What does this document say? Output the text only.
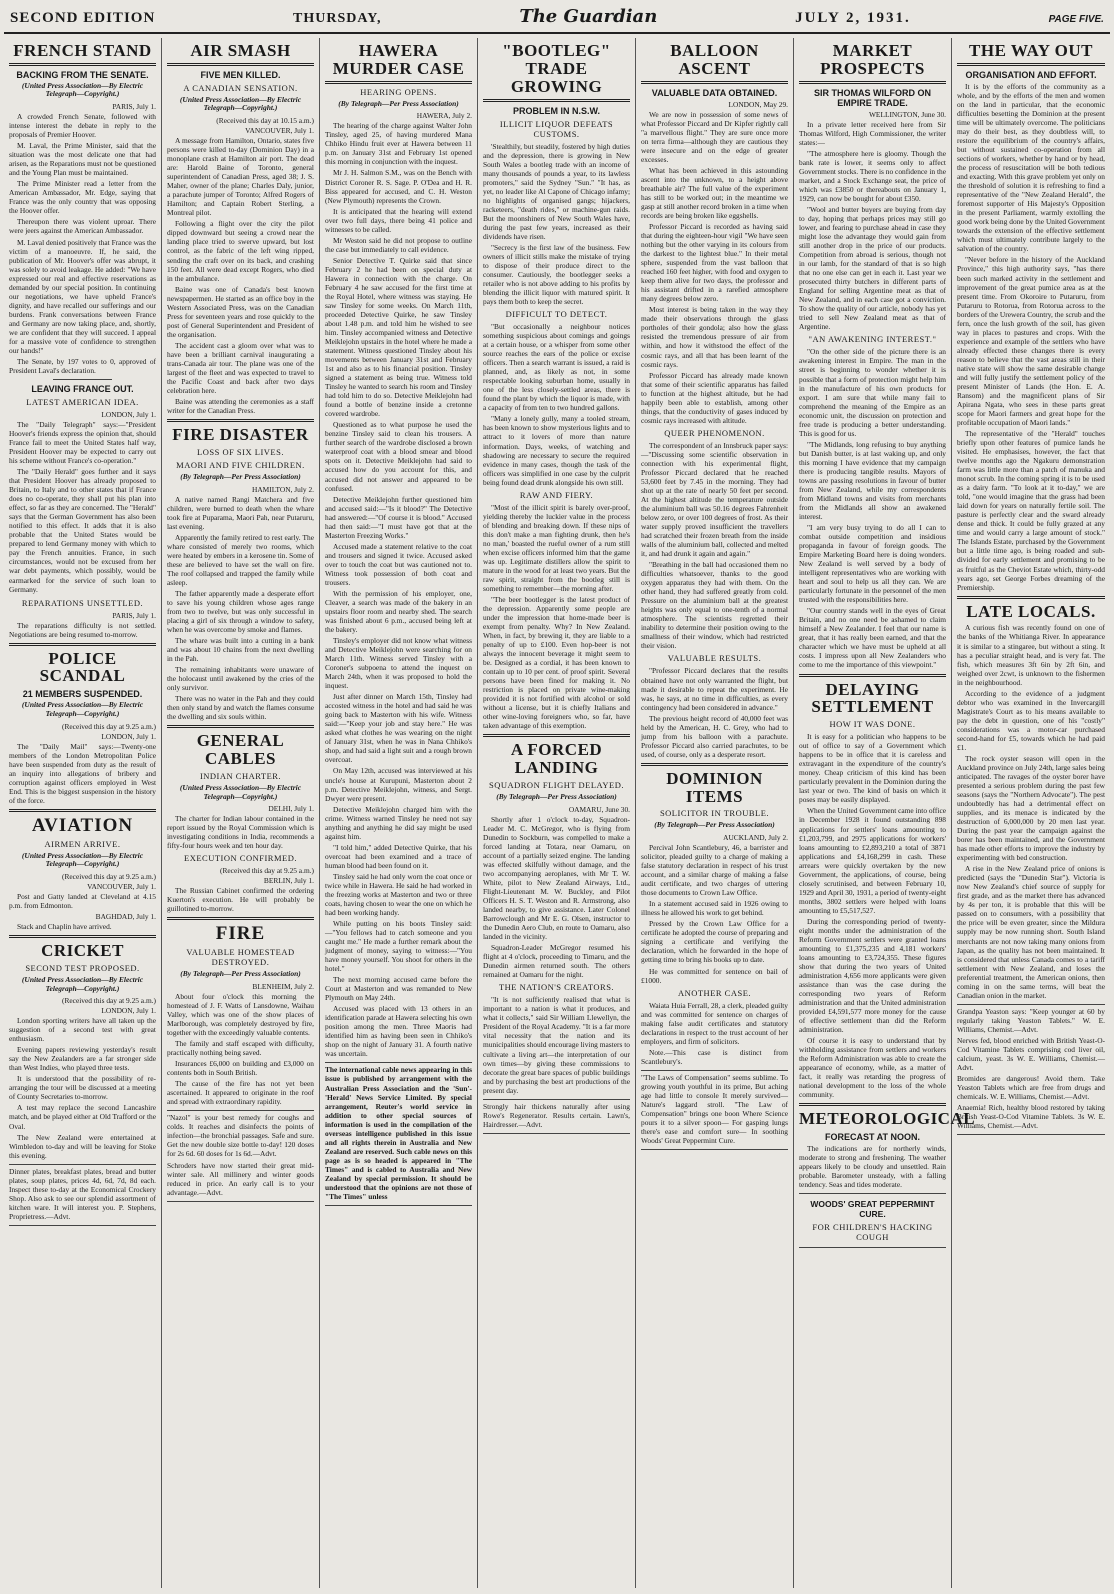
SECOND EDITION	THURSDAY,	The Guardian	JULY 2, 1931.	PAGE FIVE.
FRENCH STAND
BACKING FROM THE SENATE.
(United Press Association—By Electric Telegraph—Copyright.)
PARIS, July 1.

A crowded French Senate, followed with intense interest the debate in reply to the proposals of Premier Hoover.

M. Laval, the Prime Minister, said that the situation was the most delicate one that had arisen, as the Reparations must not be questioned and the Young Plan must be maintained.

The Prime Minister read a letter from the American Ambassador, Mr. Edge, saying that France was the only country that was opposing the Hoover offer.

Thereupon there was violent uproar. There were jeers against the American Ambassador.

M. Laval denied positively that France was the victim of a manoeuvre. If, he said, the publication of Mr. Hoover's offer was abrupt, it was solely to avoid leakage. He added: "We have expressed our real and effective reservations as demanded by our special position. In continuing our negotiations, we have upheld France's dignity, and have recalled our sufferings and our burdens. Frank conversations between France and Germany are now taking place, and, shortly, we are confident that they will succeed. I appeal for a massive vote of confidence to strengthen our hands!"

The Senate, by 197 votes to 0, approved of President Laval's declaration.

LEAVING FRANCE OUT.
LATEST AMERICAN IDEA.
LONDON, July 1.

The "Daily Telegraph" says:—"President Hoover's friends express the opinion that, should France fail to meet the United States half way, President Hoover may be expected to carry out his scheme without France's co-operation."

The "Daily Herald" goes further and it says that President Hoover has already proposed to Britain, to Italy and to other states that if France does no co-operate, they shall put his plan into effect, so far as they are concerned. The "Herald" says that the German Government has also been notified to this effect. It adds that it is also probable that the United States would be prepared to lend Germany money with which to pay the French annuities. France, in such circumstances, would not be excused from her war debt payments, which possibly, would be earmarked for the service of such loan to Germany.

REPARATIONS UNSETTLED.
PARIS, July 1.

The reparations difficulty is not settled. Negotiations are being resumed to-morrow.

POLICE SCANDAL
21 MEMBERS SUSPENDED.
(United Press Association—By Electric Telegraph—Copyright.)
(Received this day at 9.25 a.m.)
LONDON, July 1.

The "Daily Mail" says:—Twenty-one members of the London Metropolitan Police have been suspended from duty as the result of an inquiry into allegations of bribery and corruption against officers employed in West End. This is the biggest suspension in the history of the force.

AVIATION
AIRMEN ARRIVE.
(United Press Association—By Electric Telegraph—Copyright.)
(Received this day at 9.25 a.m.)
VANCOUVER, July 1.

Post and Gatty landed at Cleveland at 4.15 p.m. from Edmonton.

BAGHDAD, July 1.

Stack and Chaplin have arrived.

CRICKET
SECOND TEST PROPOSED.
(United Press Association—By Electric Telegraph—Copyright.)
(Received this day at 9.25 a.m.)
LONDON, July 1.

London sporting writers have all taken up the suggestion of a second test with great enthusiasm.

Evening papers reviewing yesterday's result say the New Zealanders are a far stronger side than West Indies, who played three tests.

It is understood that the possibility of re-arranging the tour will be discussed at a meeting of County Secretaries to-morrow.

A test may replace the second Lancashire match, and be played either at Old Trafford or the Oval.

The New Zealand were entertained at Wimbledon to-day and will be leaving for Stoke this evening.

Dinner plates, breakfast plates, bread and butter plates, soup plates, prices 4d, 6d, 7d, 8d each. Inspect these to-day at the Economical Crockery Shop. Also ask to see our splendid assortment of kitchen ware. It will interest you. P. Stephens, Proprietress.—Advt.

AIR SMASH
FIVE MEN KILLED.
A CANADIAN SENSATION.
(United Press Association—By Electric Telegraph—Copyright.)
(Received this day at 10.15 a.m.)
VANCOUVER, July 1.

A message from Hamilton, Ontario, states five persons were killed to-day (Dominion Day) in a monoplane crash at Hamilton air port. The dead are: Harold Baine of Toronto, general superintendent of Canadian Press, aged 38; J. S. Maher, owner of the plane; Charles Daly, junior, a parachute jumper of Toronto; Alfred Rogers of Hamilton; and Captain Robert Sterling, a Montreal pilot.

Following a flight over the city the pilot dipped downward but seeing a crowd near the landing place tried to swerve upward, but lost control, as the fabric of the left wing ripped, sending the craft over on its back, and crashing 150 feet. All were dead except Rogers, who died in the ambulance.

Baine was one of Canada's best known newspapermen. He started as an office boy in the Western Associated Press, was on the Canadian Press for seventeen years and rose quickly to the post of General Superintendent and President of the organisation.

The accident cast a gloom over what was to have been a brilliant carnival inaugurating a trans-Canada air tour. The plane was one of the largest of the fleet and was expected to travel to the Pacific Coast and back after two days celebration here.

Baine was attending the ceremonies as a staff writer for the Canadian Press.

FIRE DISASTER
LOSS OF SIX LIVES.
MAORI AND FIVE CHILDREN.
(By Telegraph—Per Press Association)
HAMILTON, July 2.

A native named Rangi Matchera and five children, were burned to death when the whare took fire at Puparama, Maori Pah, near Putaruru, last evening.

Apparently the family retired to rest early. The whare consisted of merely two rooms, which were heated by embers in a kerosene tin. Some of these are believed to have set the wall on fire. The roof collapsed and trapped the family while asleep.

The father apparently made a desperate effort to save his young children whose ages range from two to twelve, but was only successful in placing a girl of six through a window to safety, when he was overcome by smoke and flames.

The whare was built into a cutting in a bank and was about 10 chains from the next dwelling in the Pah.

The remaining inhabitants were unaware of the holocaust until awakened by the cries of the only survivor.

There was no water in the Pah and they could then only stand by and watch the flames consume the dwelling and six souls within.

GENERAL CABLES
INDIAN CHARTER.
(United Press Association—By Electric Telegraph—Copyright.)
DELHI, July 1.

The charter for Indian labour contained in the report issued by the Royal Commission which is investigating conditions in India, recommends a fifty-four hours week and ten hour day.

EXECUTION CONFIRMED.
(Received this day at 9.25 a.m.)
BERLIN, July 1.

The Russian Cabinet confirmed the ordering Kuerton's execution. He will probably be guillotined to-morrow.

FIRE
VALUABLE HOMESTEAD DESTROYED.
(By Telegraph—Per Press Association)
BLENHEIM, July 2.

About four o'clock this morning the homestead of J. F. Watts of Lansdowne, Waihau Valley, which was one of the show places of Marlborough, was completely destroyed by fire, together with the exceedingly valuable contents.

The family and staff escaped with difficulty, practically nothing being saved.

Insurances £6,000 on building and £3,000 on contents both in South British.

The cause of the fire has not yet been ascertained. It appeared to originate in the roof and spread with extraordinary rapidity.

"Nazol" is your best remedy for coughs and colds. It reaches and disinfects the points of infection—the bronchial passages. Safe and sure. Get the new double size bottle to-day! 120 doses for 2s 6d. 60 doses for 1s 6d.—Advt.

Schroders have now started their great mid-winter sale. All millinery and winter goods reduced in price. An early call is to your advantage.—Advt.

HAWERA MURDER CASE
HEARING OPENS.
(By Telegraph—Per Press Association)
HAWERA, July 2.

The hearing of the charge against Walter John Tinsley, aged 25, of having murdered Mana Chhiko Hindu fruit ever at Hawera between 11 p.m. on January 31st and February 1st opened this morning in conjunction with the inquest.

Mr J. H. Salmon S.M., was on the Bench with District Coroner R. S. Sage. P. O'Dea and H. R. Biss appeared for accused, and C. H. Weston (New Plymouth) represents the Crown.

It is anticipated that the hearing will extend over two full days, there being 41 police and witnesses to be called.

Mr Weston said he did not propose to outline the case but immediately to call evidence.

Senior Detective T. Quirke said that since February 2 he had been on special duty at Hawera in connection with the charge. On February 4 he saw accused for the first time at the Royal Hotel, where witness was staying. He saw Tinsley for some weeks. On March 11th, proceeded Detective Quirke, he saw Tinsley about 1.48 p.m. and told him he wished to see him. Tinsley accompanied witness and Detective Meiklejohn upstairs in the hotel where he made a statement. Witness questioned Tinsley about his movements between January 31st and February 1st and also as to his financial position. Tinsley signed a statement as being true. Witness told Tinsley he wanted to search his room and Tinsley had told him to do so. Detective Meiklejohn had found a bottle of benzine inside a cretonne covered wardrobe.

Questioned as to what purpose he used the benzine Tinsley said to clean his trousers. A further search of the wardrobe disclosed a brown waterproof coat with a blood smear and blood spots on it. Detective Meiklejohn had said to accused how do you account for this, and accused did not answer and appeared to be confused.

Detective Meiklejohn further questioned him and accused said:—"Is it blood?" The Detective had answered:—"Of course it is blood." Accused had then said:—"I must have got that at the Masterton Freezing Works."

Accused made a statement relative to the coat and trousers and signed it twice. Accused asked over to touch the coat but was cautioned not to. Witness took possession of both coat and trousers.

With the permission of his employer, one, Cleaver, a search was made of the bakery in an upstairs floor room and nearby shed. The search was finished about 6 p.m., accused being left at the bakery.

Tinsley's employer did not know what witness and Detective Meiklejohn were searching for on March 11th. Witness served Tinsley with a Coroner's subpoena to attend the inquest on March 24th, when it was proposed to hold the inquest.

Just after dinner on March 15th, Tinsley had accosted witness in the hotel and had said he was going back to Masterton with his wife. Witness said:—"Keep your job and stay here." He was asked what clothes he was wearing on the night of January 31st, when he was in Nana Chhiko's shop, and had said a light suit and a rough brown overcoat.

On May 12th, accused was interviewed at his uncle's house at Kurupuni, Masterton about 2 p.m. Detective Meiklejohn, witness, and Sergt. Dwyer were present.

Detective Meiklejohn charged him with the crime. Witness warned Tinsley he need not say anything and anything he did say might be used against him.

"I told him," added Detective Quirke, that his overcoat had been examined and a trace of human blood had been found on it.

Tinsley said he had only worn the coat once or twice while in Hawera. He said he had worked in the freezing works at Masterton and two or three coats, having chosen to wear the one on which he had been working handy.

While putting on his boots Tinsley said:—"You fellows had to catch someone and you caught me." He made a further remark about the judgment of money, saying to witness:—"You have money yourself. You shoot for others in the hotel."

The next morning accused came before the Court at Masterton and was remanded to New Plymouth on May 24th.

Accused was placed with 13 others in an identification parade at Hawera selecting his own position among the men. Three Maoris had identified him as having been seen in Chhiko's shop on the night of January 31. A fourth native was uncertain.

The international cable news appearing in this issue is published by arrangement with the Australian Press Association and the 'Sun'-'Herald' News Service Limited. By special arrangement, Reuter's world service in addition to other special sources of information is used in the compilation of the overseas intelligence published in this issue and all rights therein in Australia and New Zealand are reserved. Such cable news on this page as is so headed is appeared in "The Times" and is cabled to Australia and New Zealand by special permission. It should be understood that the opinions are not those of "The Times" unless

"BOOTLEG" TRADE GROWING
PROBLEM IN N.S.W.
ILLICIT LIQUOR DEFEATS CUSTOMS.

'Stealthily, but steadily, fostered by high duties and the depression, there is growing in New South Wales a bootleg trade with an income of many thousands of pounds a year, to its lawless promoters," said the Sydney "Sun." "It has, as yet, no leader like Al Capone of Chicago infamy; no highlights of organised gangs; hijackers, racketeers, "death rides," or machine-gun raids. But the moonshiners of New South Wales have, during the past few years, increased as their dividends have risen.

"Secrecy is the first law of the business. Few owners of illicit stills make the mistake of trying to dispose of their produce direct to the consumer. Cautiously, the bootlegger seeks a retailer who is not above adding to his profits by blending the illicit liquor with matured spirit. It pays them both to keep the secret.

DIFFICULT TO DETECT.

"But occasionally a neighbour notices something suspicious about comings and goings at a certain house, or a whisper from some other source reaches the ears of the police or excise officers. Then a search warrant is issued, a raid is planned, and, as likely as not, in some respectable looking suburban home, usually in one of the less closely-settled areas, there is found the plant by which the liquor is made, with a capacity of from ten to two hundred gallons.

"Many a lonely gully, many a tooled stream, has been known to show mysterious lights and to attract to it lovers of more than nature information. Days, weeks, of watching and shadowing are necessary to secure the required evidence in many cases, though the task of the officers was simplified in one case by the culprit being found dead drunk alongside his own still.

RAW AND FIERY.

"Most of the illicit spirit is barely over-proof, yielding thereby the luckier value in the process of blending and breaking down. If these nips of this don't make a man fighting drunk, then he's no man,' boasted the rueful owner of a rum still when excise officers informed him that the game was up. Legitimate distillers allow the spirit to mature in the wood for at least two years. But the raw spirit, straight from the bootleg still is something to remember—the morning after.

"The beer bootlegger is the latest product of the depression. Apparently some people are under the impression that home-made beer is exempt from penalty. Why? In New Zealand. When, in fact, by brewing it, they are liable to a penalty of up to £100. Even hop-beer is not always the innocent beverage it might seem to be. Designed as a cordial, it has been known to contain up to 10 per cent. of proof spirit. Several persons have been fined for making it. No restriction is placed on private wine-making provided it is not fortified with alcohol or sold without a license, but it is chiefly Italians and other wine-loving foreigners who, so far, have taken advantage of this exemption.

A FORCED LANDING
SQUADRON FLIGHT DELAYED.
(By Telegraph—Per Press Association)
OAMARU, June 30.

Shortly after 1 o'clock to-day, Squadron-Leader M. C. McGregor, who is flying from Dunedin to Sockburn, was compelled to make a forced landing at Totara, near Oamaru, on account of a partially seized engine. The landing was effected skilfully without damage, and the two accompanying aeroplanes, with Mr T. W. White, pilot to New Zealand Airways, Ltd., Flight-Lieutenant M. W. Buckley, and Pilot Officers H. S. T. Weston and R. Armstrong, also landed nearby, to give assistance. Later Colonel Barrowclough and Mr E. G. Olsen, instructor to the Dunedin Aero Club, en route to Oamaru, also landed in the vicinity.

Squadron-Leader McGregor resumed his flight at 4 o'clock, proceeding to Timaru, and the Dunedin airmen returned south. The others remained at Oamaru for the night.

THE NATION'S CREATORS.

"It is not sufficiently realised that what is important to a nation is what it produces, and what it collects," said Sir William Llewellyn, the President of the Royal Academy. "It is a far more vital necessity that the nation and its municipalities should encourage living masters to cultivate a living art—the interpretation of our own times—by giving these commissions to decorate the great bare spaces of public buildings and by purchasing the best art productions of the present day.

Strongly hair thickens naturally after using Rowe's Regenerator. Results certain. Lawn's, Hairdresser.—Advt.

BALLOON ASCENT
VALUABLE DATA OBTAINED.
LONDON, May 29.

We are now in possession of some news of what Professor Piccard and Dr Kipfer rightly call "a marvellous flight." They are sure once more on terra firma—although they are cautious they were insecure and on the edge of greater excesses.

What has been achieved in this astounding ascent into the unknown, to a height above breathable air? The full value of the experiment has still to be worked out; in the meantime we gasp at still another record broken in a time when records are being broken like eggshells.

Professor Piccard is recorded as having said that during the eighteen-hour vigil "We have seen nothing but the other varying in its colours from the darkest to the lightest blue." In their metal sphere, suspended from the vast balloon that reached 160 feet higher, with food and oxygen to keep them alive for two days, the professor and his assistant drifted in a rarefied atmosphere many degrees below zero.

Most interest is being taken in the way they made their observations through the glass portholes of their gondola; also how the glass resisted the tremendous pressure of air from within, and how it withstood the effect of the cosmic rays, and all that has been learnt of the cosmic rays.

Professor Piccard has already made known that some of their scientific apparatus has failed to function at the highest altitude, but he had happily been able to establish, among other things, that the conductivity of gases induced by cosmic rays increased with altitude.

QUEER PHENOMENON.

The correspondent of an Innsbruck paper says:—"Discussing some scientific observation in connection with his experimental flight, Professor Piccard declared that he reached 53,600 feet by 7.45 in the morning. They had shot up at the rate of nearly 50 feet per second. At the highest altitude the temperature outside the aluminium ball was 50.16 degrees Fahrenheit below zero, or over 100 degrees of frost. As their water supply proved insufficient the travellers had scratched their frozen breath from the inside walls of the aluminium ball, collected and melted it, and had drunk it again and again."

"Breathing in the ball had occasioned them no difficulties whatsoever, thanks to the good oxygen apparatus they had with them. On the other hand, they had suffered greatly from cold. Pressure on the aluminium ball at the greatest heights was only equal to one-tenth of a normal atmosphere. The scientists regretted their inability to determine their position owing to the smallness of their window, which had restricted their vision.

VALUABLE RESULTS.

"Professor Piccard declares that the results obtained have not only warranted the flight, but made it desirable to repeat the experiment. He was, he says, at no time in difficulties, as every contingency had been considered in advance."

The previous height record of 40,000 feet was held by the American, H. C. Grey, who had to jump from his balloon with a parachute. Professor Piccard also carried parachutes, to be used, of course, only as a desperate resort.

DOMINION ITEMS
SOLICITOR IN TROUBLE.
(By Telegraph—Per Press Association)
AUCKLAND, July 2.

Percival John Scantlebury, 46, a barrister and solicitor, pleaded guilty to a charge of making a false statutory declaration in respect of his trust account, and a similar charge of making a false audit certificate, and two charges of uttering those documents to Crown Law Office.

In a statement accused said in 1926 owing to illness he allowed his work to get behind.

Pressed by the Crown Law Office for a certificate he adopted the course of preparing and signing a certificate and verifying the declaration, which he forwarded in the hope of getting time to bring his books up to date.

He was committed for sentence on bail of £1000.

ANOTHER CASE.

Waiata Huia Ferrall, 28, a clerk, pleaded guilty and was committed for sentence on charges of making false audit certificates and statutory declarations in respect to the trust account of her employers, and firm of solicitors.

Note.—This case is distinct from Scantlebury's.

"The Laws of Compensation" seems sublime. To growing youth youthful in its prime, But aching age had little to console It merely survived—Nature's laggard stroll. "The Law of Compensation" brings one boon Where Science pours it to a silver spoon— For gasping lungs there's ease and comfort sure— In soothing Woods' Great Peppermint Cure.

MARKET PROSPECTS
SIR THOMAS WILFORD ON EMPIRE TRADE.
WELLINGTON, June 30.

In a private letter received here from Sir Thomas Wilford, High Commissioner, the writer states:—

"The atmosphere here is gloomy. Though the bank rate is lower, it seems only to affect Government stocks. There is no confidence in the market, and a Stock Exchange seat, the price of which was £3850 or thereabouts on January 1, 1929, can now be bought for about £350.

"Wool and butter buyers are buying from day to day, hoping that perhaps prices may still go lower, and fearing to purchase ahead in case they might lose the advantage they would gain from still another drop in the price of our products. Competition from abroad is serious, though not in our lamb, for the standard of that is so high that no one else can get in each it. Last year we prosecuted thirty butchers in different parts of England for selling Argentine meat as that of New Zealand, and in each case got a conviction. To show the quality of our article, nobody has yet tried to sell New Zealand meat as that of Argentine.

"AN AWAKENING INTEREST."

"On the other side of the picture there is an awakening interest in Empire. The man in the street is beginning to wonder whether it is possible that a form of protection might help him in the manufacture of his own products for export. I am sure that while many fail to comprehend the meaning of the Empire as an economic unit, the discussion on protection and free trade is producing a better understanding. This is good for us.

"The Midlands, long refusing to buy anything but Danish butter, is at last waking up, and only this morning I have evidence that my campaign there is producing tangible results. Mayors of towns are passing resolutions in favour of butter from New Zealand, while my correspondents from Midland towns and visits from merchants from the Midlands all show an awakened interest.

"I am very busy trying to do all I can to combat outside competition and insidious propaganda in favour of foreign goods. The Empire Marketing Board here is doing wonders. New Zealand is well served by a body of intelligent representatives who are working with heart and soul to help us all they can. We are particularly fortunate in the personnel of the men trusted with the responsibilities here.

"Our country stands well in the eyes of Great Britain, and no one need be ashamed to claim himself a New Zealander. I feel that our name is great, that it has really been earned, and that the character which we have must be upheld at all costs. I impress upon all New Zealanders who come to me the importance of this viewpoint."

DELAYING SETTLEMENT
HOW IT WAS DONE.

It is easy for a politician who happens to be out of office to say of a Government which happens to be in office that it is careless and extravagant in the expenditure of the country's money. Cheap criticism of this kind has been particularly prevalent in the Dominion during the last year or two. The kind of basis on which it poses may be easily displayed.

When the United Government came into office in December 1928 it found outstanding 898 applications for settlers' loans amounting to £1,203,799, and 2975 applications for workers' loans amounting to £2,893,210 a total of 3871 applications and £4,168,299 in cash. These arrears were quickly overtaken by the new Government, the applications, of course, being closely scrutinised, and between February 10, 1929 and April 30, 1931, a period of twenty-eight months, 3802 settlers were helped with loans amounting to £5,517,527.

During the corresponding period of twenty-eight months under the administration of the Reform Government settlers were granted loans amounting to £1,375,235 and 4,181 workers' loans amounting to £3,724,355. These figures show that during the two years of United administration 4,656 more applicants were given assistance than was the case during the corresponding two years of Reform administration and that the United administration provided £4,591,577 more money for the cause of effective settlement than did the Reform administration.

Of course it is easy to understand that by withholding assistance from settlers and workers the Reform Administration was able to create the appearance of economy, while, as a matter of fact, it really was retarding the progress of national development to the loss of the whole community.

METEOROLOGICAL
FORECAST AT NOON.

The indications are for northerly winds, moderate to strong and freshening. The weather appears likely to be cloudy and unsettled. Rain probable. Barometer unsteady, with a falling tendency. Seas and tides moderate.

WOODS' GREAT PEPPERMINT CURE.
FOR CHILDREN'S HACKING COUGH
THE WAY OUT
ORGANISATION AND EFFORT.

It is by the efforts of the community as a whole, and by the efforts of the men and women on the land in particular, that the economic difficulties besetting the Dominion at the present time will be ultimately overcome. The politicians may do their best, as they doubtless will, to restore the equilibrium of the country's affairs, but without sustained co-operation from all sections of workers, whether by hand or by head, the process of resuscitation will be both tedious and exacting. With this grave problem yet only on the threshold of solution it is refreshing to find a representative of the "New Zealand Herald", the foremost supporter of His Majesty's Opposition in the present Parliament, warmly extolling the good work being done by the United Government towards the extension of the effective settlement which must ultimately contribute largely to the salvation of the country.

"Never before in the history of the Auckland Province," this high authority says, "has there been such marked activity in the settlement and improvement of the great pumice area as at the present time. From Okoroire to Putaruru, from Putaruru to Rotorua, from Rotorua across to the borders of the Urewera Country, the scrub and the fern, once the lush growth of the soil, has given way in places to pastures and crops. With the experience and example of the settlers who have already effected these changes there is every reason to believe that the vast areas still in their native state will show the same desirable change and will fully justify the settlement policy of the present Minister of Lands (the Hon. E. A. Ransom) and the magnificent plans of Sir Apirana Ngata, who sees in these parts great scope for Maori farmers and great hope for the profitable occupation of Maori lands."

The representative of the "Herald" touches briefly upon other features of pumice lands he visited. He emphasises, however, the fact that twelve months ago the Ngakuru demonstration farm was little more than a patch of manuka and monot scrub. In the coming spring it is to be used as a dairy farm. "To look at it to-day," we are told, "one would imagine that the grass had been laid down for years on naturally fertile soil. The pasture is perfectly clear and the sward already dense and thick. It could be fully grazed at any time and would carry a large amount of stock." The Islands Estate, purchased by the Government but a little time ago, is being roaded and sub-divided for early settlement and promising to be as fruitful as the Cheviot Estate which, thirty-odd years ago, set George Forbes dreaming of the Premiership.

LATE LOCALS.

A curious fish was recently found on one of the banks of the Whitianga River. In appearance it is similar to a stingaree, but without a sting. It has a peculiar straight head, and is very fat. The fish, which measures 3ft 6in by 2ft 6in, and weighed over 2cwt, is unknown to the fishermen in the neighbourhood.

According to the evidence of a judgment debtor who was examined in the Invercargill Magistrate's Court as to his means available to pay the debt in question, one of his "costly" considerations was a motor-car purchased second-hand for £5, towards which he had paid £1.

The rock oyster season will open in the Auckland province on July 24th, large sales being anticipated. The ravages of the oyster borer have presented a serious problem during the past few seasons (says the "Northern Advocate"). The pest undoubtedly has had a detrimental effect on supplies, and its menace is indicated by the destruction of 6,000,000 by 20 men last year. During the past year the campaign against the borer has been maintained, and the Government has made other efforts to improve the industry by experimenting with bed construction.

A rise in the New Zealand price of onions is predicted (says the "Dunedin Star"). Victoria is now New Zealand's chief source of supply for first grade, and as the market there has advanced by 4s per ton, it is probable that this will be passed on to consumers, with a possibility that the price will be even greater, since the Mildura supply may be now running short. South Island merchants are not now taking many onions from Japan, as the quality has not been maintained. It is considered that unless Canada comes to a tariff settlement with New Zealand, and loses the preferential treatment, the American onions, then coming in on the same terms, will beat the Canadian onion in the market.

Grandpa Yeaston says: "Keep younger at 60 by regularly taking Yeaston Tablets." W. E. Williams, Chemist.—Advt.

Nerves fed, blood enriched with British Yeast-O-Cod Vitamine Tablets comprising cod liver oil, calcium, yeast. 3s W. E. Williams, Chemist.—Advt.

Bromides are dangerous! Avoid them. Take Yeaston Tablets which are free from drugs and chemicals. W. E. Williams, Chemist.—Advt.

Anaemia! Rich, healthy blood restored by taking British Yeast-O-Cod Vitamine Tablets. 3s W. E. Williams, Chemist.—Advt.
